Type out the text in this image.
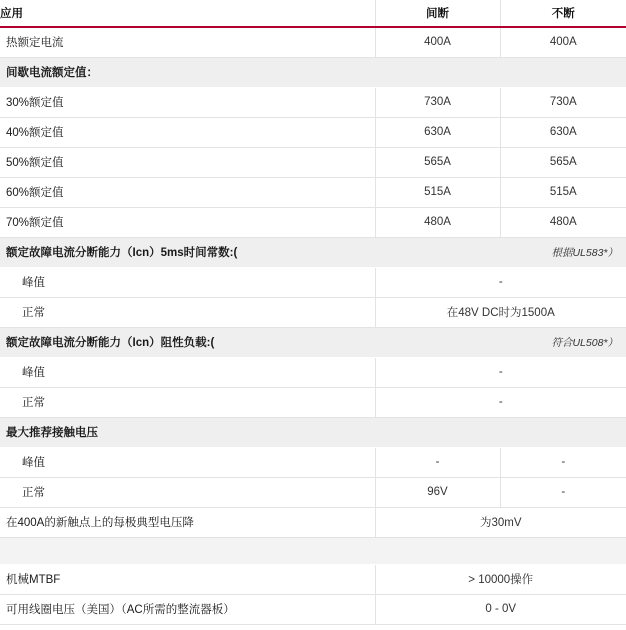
应用	间断	不断
热额定电流	400A	400A
间歇电流额定值：		
30%额定值	730A	730A
40%额定值	630A	630A
50%额定值	565A	565A
60%额定值	515A	515A
70%额定值	480A	480A
额定故障电流分断能力（Icn）5ms时间常数:(	根据UL583*）	
峰值	-	
正常	在48V DC时为1500A	
额定故障电流分断能力（Icn）阻性负载:(	符合UL508*）	
峰值	-	
正常	-	
最大推荐接触电压		
峰值	-	-
正常	96V	-
在400A的新触点上的每极典型电压降	为30mV	

机械MTBF	> 10000操作	
可用线圈电压（美国）（AC所需的整流器板）	0 - 0V	
